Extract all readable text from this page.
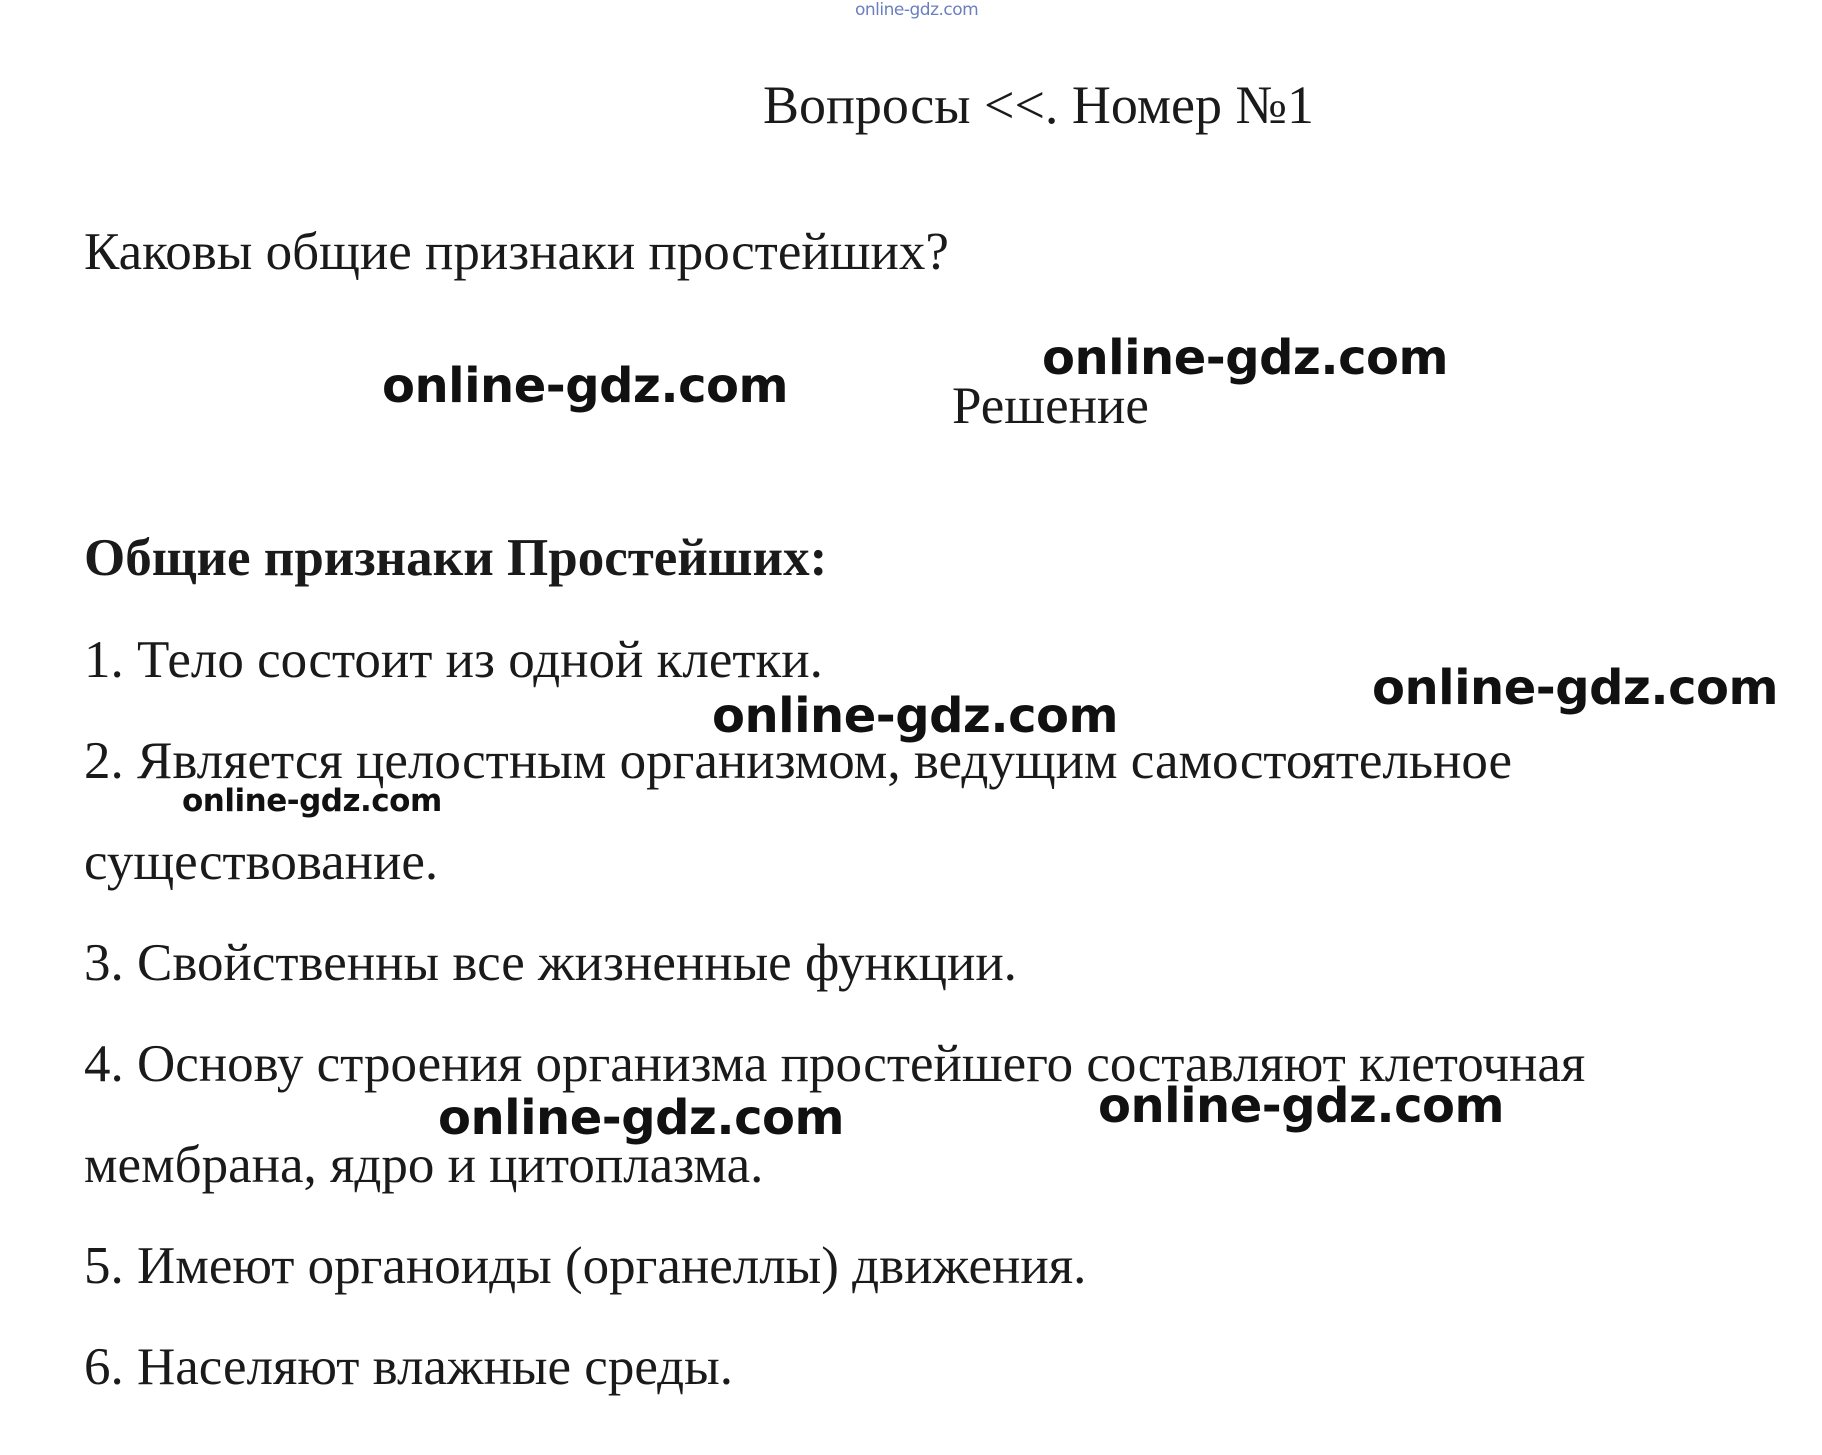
online-gdz.com
Вопросы <<. Номер №1
Каковы общие признаки простейших?
Решение
Общие признаки Простейших:
1. Тело состоит из одной клетки.
2. Является целостным организмом, ведущим самостоятельное
существование.
3. Свойственны все жизненные функции.
4. Основу строения организма простейшего составляют клеточная
мембрана, ядро и цитоплазма.
5. Имеют органоиды (органеллы) движения.
6. Населяют влажные среды.
online-gdz.com
online-gdz.com
online-gdz.com
online-gdz.com
online-gdz.com
online-gdz.com
online-gdz.com
